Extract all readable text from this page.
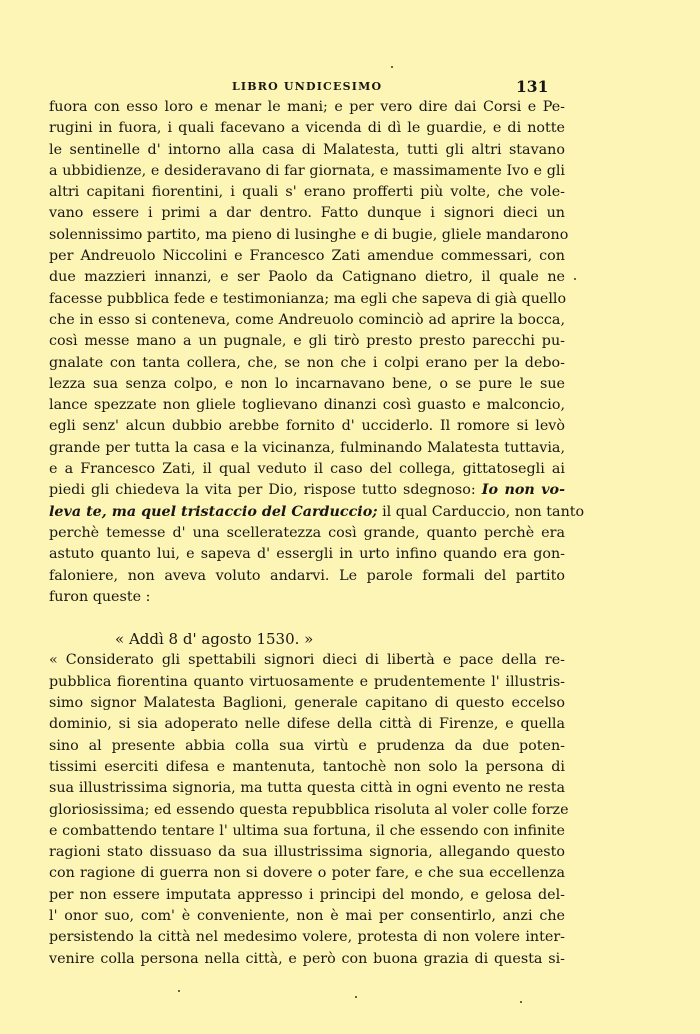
LIBRO UNDICESIMO	131
fuora con esso loro e menar le mani; e per vero dire dai Corsi e Pe-
rugini in fuora, i quali facevano a vicenda di dì le guardie, e di notte
le sentinelle d' intorno alla casa di Malatesta, tutti gli altri stavano
a ubbidienze, e desideravano di far giornata, e massimamente Ivo e gli
altri capitani fiorentini, i quali s' erano profferti più volte, che vole-
vano essere i primi a dar dentro. Fatto dunque i signori dieci un
solennissimo partito, ma pieno di lusinghe e di bugie, gliele mandarono
per Andreuolo Niccolini e Francesco Zati amendue commessari, con
due mazzieri innanzi, e ser Paolo da Catignano dietro, il quale ne
facesse pubblica fede e testimonianza; ma egli che sapeva di già quello
che in esso si conteneva, come Andreuolo cominciò ad aprire la bocca,
così messe mano a un pugnale, e gli tirò presto presto parecchi pu-
gnalate con tanta collera, che, se non che i colpi erano per la debo-
lezza sua senza colpo, e non lo incarnavano bene, o se pure le sue
lance spezzate non gliele toglievano dinanzi così guasto e malconcio,
egli senz' alcun dubbio arebbe fornito d' ucciderlo. Il romore si levò
grande per tutta la casa e la vicinanza, fulminando Malatesta tuttavia,
e a Francesco Zati, il qual veduto il caso del collega, gittatosegli ai
piedi gli chiedeva la vita per Dio, rispose tutto sdegnoso: Io non vo-
leva te, ma quel tristaccio del Carduccio; il qual Carduccio, non tanto
perchè temesse d' una scelleratezza così grande, quanto perchè era
astuto quanto lui, e sapeva d' essergli in urto infino quando era gon-
faloniere, non aveva voluto andarvi. Le parole formali del partito
furon queste :
« Addì 8 d' agosto 1530. »
« Considerato gli spettabili signori dieci di libertà e pace della re-
pubblica fiorentina quanto virtuosamente e prudentemente l' illustris-
simo signor Malatesta Baglioni, generale capitano di questo eccelso
dominio, si sia adoperato nelle difese della città di Firenze, e quella
sino al presente abbia colla sua virtù e prudenza da due poten-
tissimi eserciti difesa e mantenuta, tantochè non solo la persona di
sua illustrissima signoria, ma tutta questa città in ogni evento ne resta
gloriosissima; ed essendo questa repubblica risoluta al voler colle forze
e combattendo tentare l' ultima sua fortuna, il che essendo con infinite
ragioni stato dissuaso da sua illustrissima signoria, allegando questo
con ragione di guerra non si dovere o poter fare, e che sua eccellenza
per non essere imputata appresso i principi del mondo, e gelosa del-
l' onor suo, com' è conveniente, non è mai per consentirlo, anzi che
persistendo la città nel medesimo volere, protesta di non volere inter-
venire colla persona nella città, e però con buona grazia di questa si-
